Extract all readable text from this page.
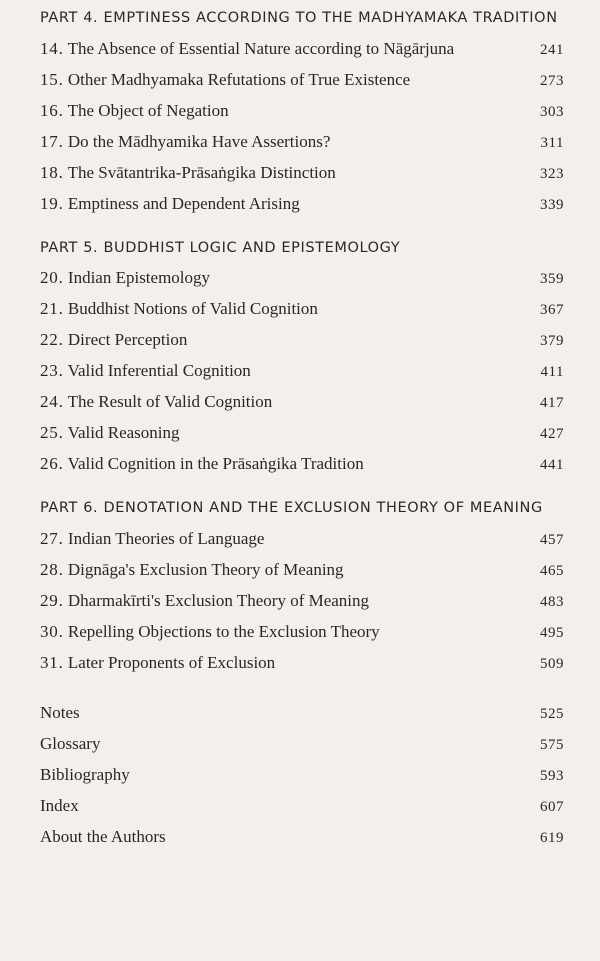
PART 4. EMPTINESS ACCORDING TO THE MADHYAMAKA TRADITION
14. The Absence of Essential Nature according to Nāgārjuna	241
15. Other Madhyamaka Refutations of True Existence	273
16. The Object of Negation	303
17. Do the Mādhyamika Have Assertions?	311
18. The Svātantrika-Prāsaṅgika Distinction	323
19. Emptiness and Dependent Arising	339
PART 5. BUDDHIST LOGIC AND EPISTEMOLOGY
20. Indian Epistemology	359
21. Buddhist Notions of Valid Cognition	367
22. Direct Perception	379
23. Valid Inferential Cognition	411
24. The Result of Valid Cognition	417
25. Valid Reasoning	427
26. Valid Cognition in the Prāsaṅgika Tradition	441
PART 6. DENOTATION AND THE EXCLUSION THEORY OF MEANING
27. Indian Theories of Language	457
28. Dignāga's Exclusion Theory of Meaning	465
29. Dharmakīrti's Exclusion Theory of Meaning	483
30. Repelling Objections to the Exclusion Theory	495
31. Later Proponents of Exclusion	509
Notes	525
Glossary	575
Bibliography	593
Index	607
About the Authors	619
